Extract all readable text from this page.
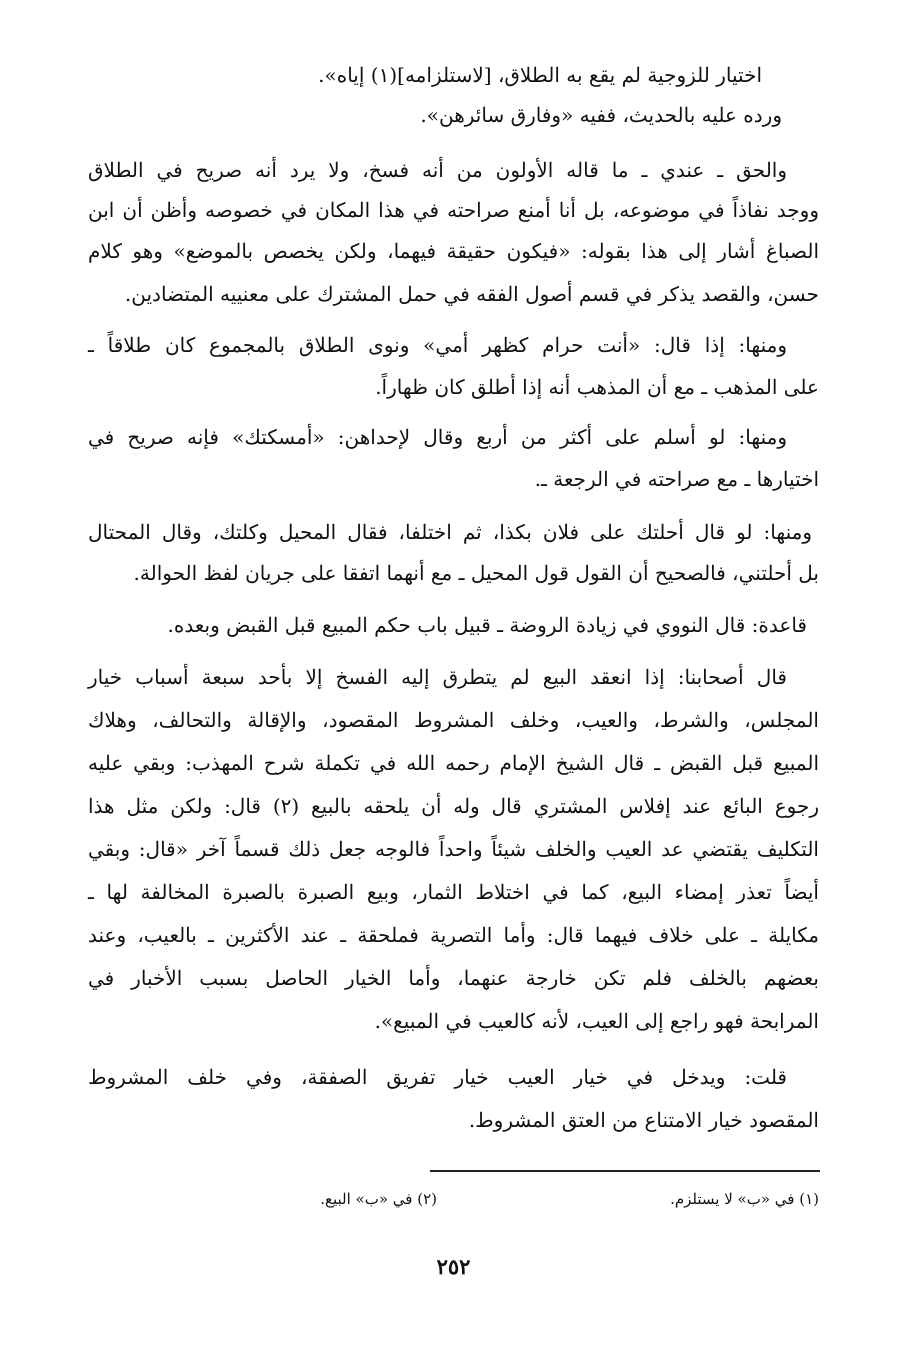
اختيار للزوجية لم يقع به الطلاق، [لاستلزامه](١) إياه».
ورده عليه بالحديث، ففيه «وفارق سائرهن».
والحق ـ عندي ـ ما قاله الأولون من أنه فسخ، ولا يرد أنه صريح في الطلاق
ووجد نفاذاً في موضوعه، بل أنا أمنع صراحته في هذا المكان في خصوصه وأظن أن ابن
الصباغ أشار إلى هذا بقوله: «فيكون حقيقة فيهما، ولكن يخصص بالموضع» وهو كلام
حسن، والقصد يذكر في قسم أصول الفقه في حمل المشترك على معنييه المتضادين.
ومنها: إذا قال: «أنت حرام كظهر أمي» ونوى الطلاق بالمجموع كان طلاقاً ـ
على المذهب ـ مع أن المذهب أنه إذا أطلق كان ظهاراً.
ومنها: لو أسلم على أكثر من أربع وقال لإحداهن: «أمسكتك» فإنه صريح في
اختيارها ـ مع صراحته في الرجعة ـ.
ومنها: لو قال أحلتك على فلان بكذا، ثم اختلفا، فقال المحيل وكلتك، وقال المحتال
بل أحلتني، فالصحيح أن القول قول المحيل ـ مع أنهما اتفقا على جريان لفظ الحوالة.
قاعدة: قال النووي في زيادة الروضة ـ قبيل باب حكم المبيع قبل القبض وبعده.
قال أصحابنا: إذا انعقد البيع لم يتطرق إليه الفسخ إلا بأحد سبعة أسباب خيار
المجلس، والشرط، والعيب، وخلف المشروط المقصود، والإقالة والتحالف، وهلاك
المبيع قبل القبض ـ قال الشيخ الإمام رحمه الله في تكملة شرح المهذب: وبقي عليه
رجوع البائع عند إفلاس المشتري قال وله أن يلحقه بالبيع (٢) قال: ولكن مثل هذا
التكليف يقتضي عد العيب والخلف شيئاً واحداً فالوجه جعل ذلك قسماً آخر «قال: وبقي
أيضاً تعذر إمضاء البيع، كما في اختلاط الثمار، وبيع الصبرة بالصبرة المخالفة لها ـ
مكايلة ـ على خلاف فيهما قال: وأما التصرية فملحقة ـ عند الأكثرين ـ بالعيب، وعند
بعضهم بالخلف فلم تكن خارجة عنهما، وأما الخيار الحاصل بسبب الأخبار في
المرابحة فهو راجع إلى العيب، لأنه كالعيب في المبيع».
قلت: ويدخل في خيار العيب خيار تفريق الصفقة، وفي خلف المشروط
المقصود خيار الامتناع من العتق المشروط.
(١) في «ب» لا يستلزم.
(٢) في «ب» البيع.
٢٥٢
